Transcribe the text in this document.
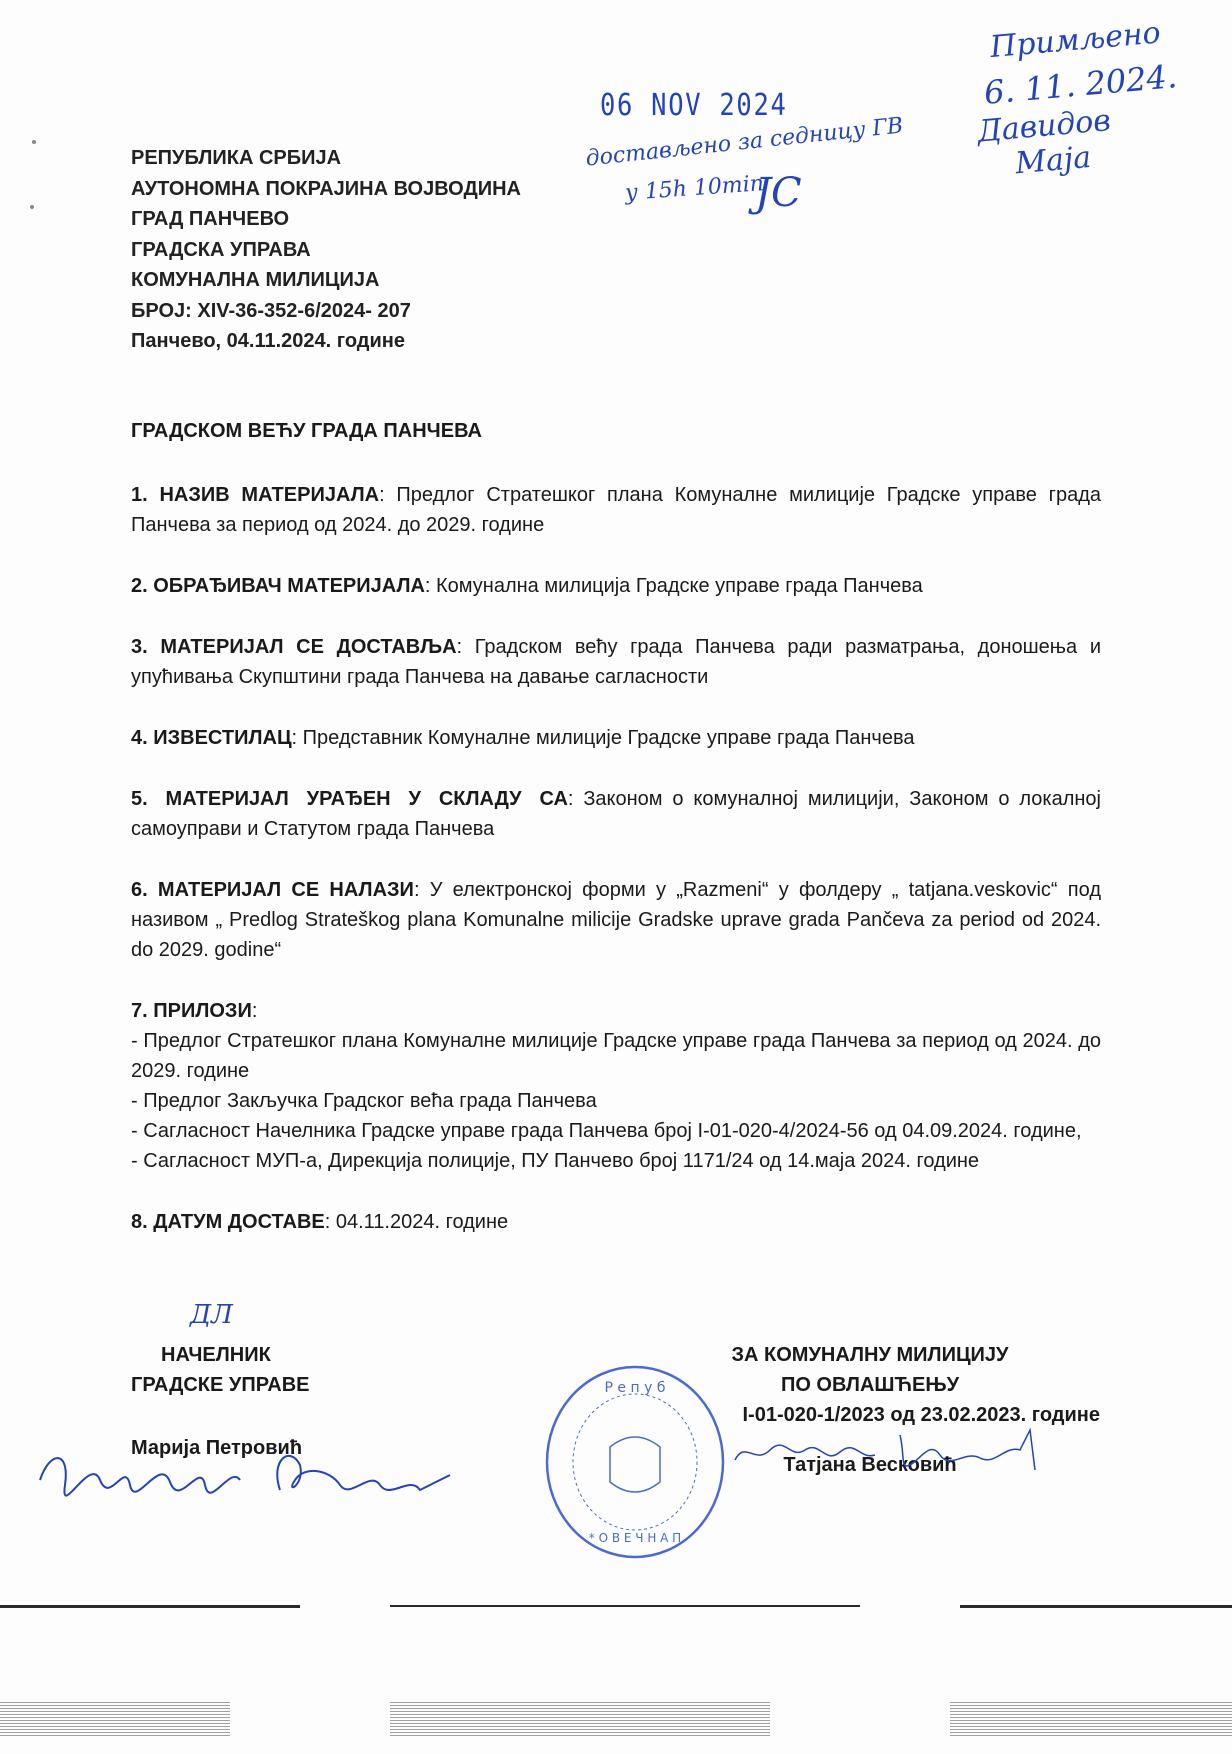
РЕПУБЛИКА СРБИЈА
АУТОНОМНА ПОКРАЈИНА ВОЈВОДИНА
ГРАД ПАНЧЕВО
ГРАДСКА УПРАВА
КОМУНАЛНА МИЛИЦИЈА
БРОЈ: XIV-36-352-6/2024- 207
Панчево, 04.11.2024. године
06 NOV 2024
достављено за седницу ГВ
у 15h 10min
ЈС
Примљено
6. 11. 2024.
Давидов
Маја
ГРАДСКОМ ВЕЋУ ГРАДА ПАНЧЕВА

1. НАЗИВ МАТЕРИЈАЛА: Предлог Стратешког плана Комуналне милиције Градске управе града Панчева за период од 2024. до 2029. године

2. ОБРАЂИВАЧ МАТЕРИЈАЛА: Комунална милиција Градске управе града Панчева

3. МАТЕРИЈАЛ СЕ ДОСТАВЉА: Градском већу града Панчева ради разматрања, доношења и упућивања Скупштини града Панчева на давање сагласности

4. ИЗВЕСТИЛАЦ: Представник Комуналне милиције Градске управе града Панчева

5. МАТЕРИЈАЛ УРАЂЕН У СКЛАДУ СА: Законом о комуналној милицији, Законом о локалној самоуправи и Статутом града Панчева

6. МАТЕРИЈАЛ СЕ НАЛАЗИ: У електронској форми у „Razmeni“ у фолдеру „ tatjana.veskovic“ под називом „ Predlog Strateškog plana Komunalne milicije Gradske uprave grada Pančeva za period od 2024. do 2029. godine“

7. ПРИЛОЗИ:
- Предлог Стратешког плана Комуналне милиције Градске управе града Панчева за период од 2024. до 2029. године
- Предлог Закључка Градског већа града Панчева
- Сагласност Начелника Градске управе града Панчева број I-01-020-4/2024-56 од 04.09.2024. године,
- Сагласност МУП-а, Дирекција полиције, ПУ Панчево број 1171/24 од 14.маја 2024. године

8. ДАТУМ ДОСТАВЕ: 04.11.2024. године

ДЛ
НАЧЕЛНИК
ГРАДСКЕ УПРАВЕ
Марија Петровић
ЗА КОМУНАЛНУ МИЛИЦИЈУ
ПО ОВЛАШЋЕЊУ
I-01-020-1/2023 од 23.02.2023. године
Татјана Весковић
Р е п у б
* О В Е Ч Н А П
